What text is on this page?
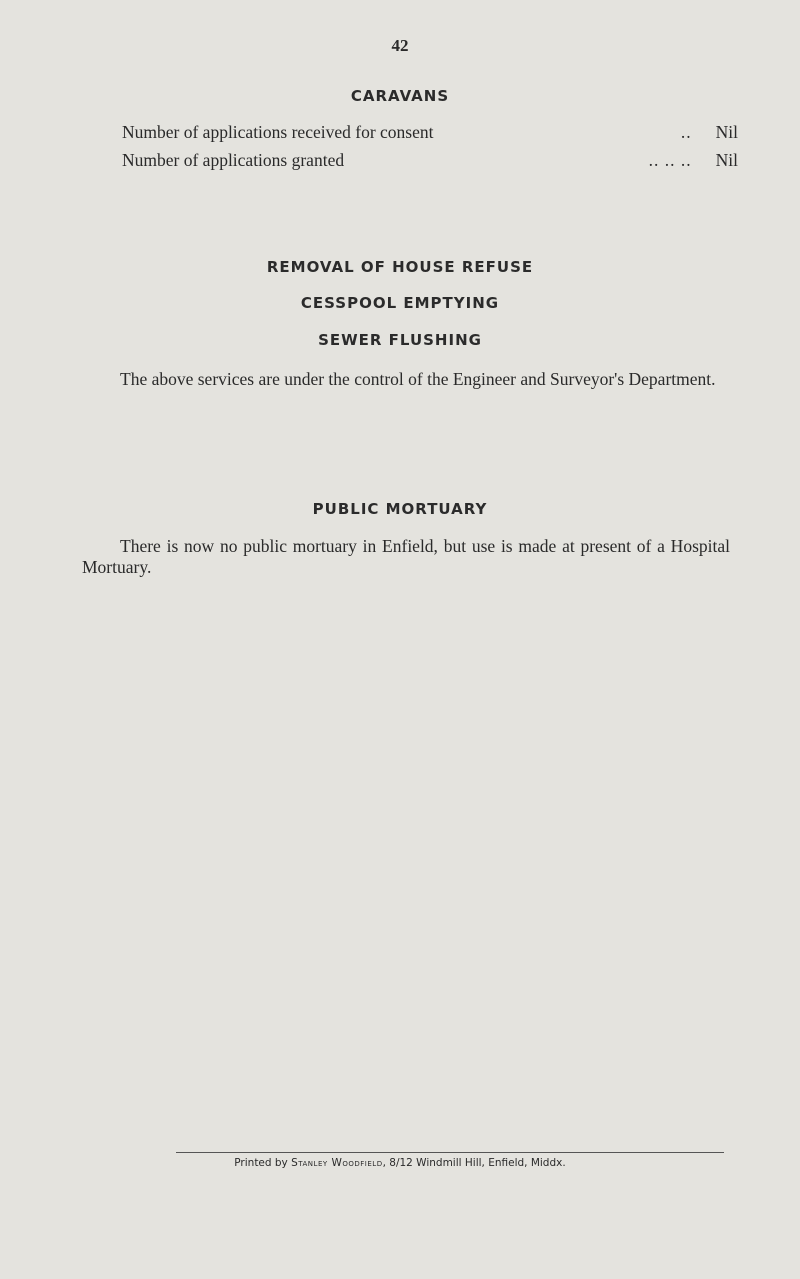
42
CARAVANS
Number of applications received for consent	..	Nil
Number of applications granted	.. .. ..	Nil
REMOVAL OF HOUSE REFUSE
CESSPOOL EMPTYING
SEWER FLUSHING
The above services are under the control of the Engineer and Surveyor's Department.
PUBLIC MORTUARY
There is now no public mortuary in Enfield, but use is made at present of a Hospital Mortuary.
Printed by Stanley Woodfield, 8/12 Windmill Hill, Enfield, Middx.
